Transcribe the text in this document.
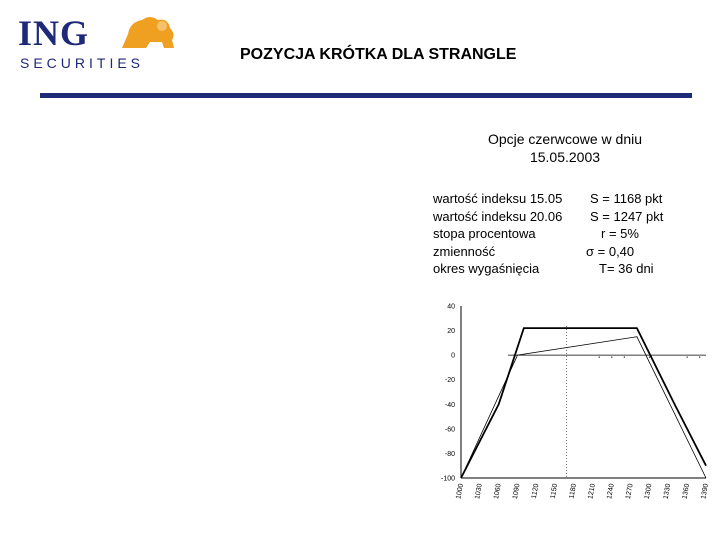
ING
SECURITIES	POZYCJA KRÓTKA DLA STRANGLE
Opcje czerwcowe w dniu
15.05.2003
wartość indeksu 15.05 S = 1168 pkt
wartość indeksu 20.06 S = 1247 pkt
stopa procentowa	r = 5%
zmienność	σ = 0,40
okres wygaśnięcia	T= 36 dni
40
20
0
-20
-40
-60
-80
-100
1000 1030 1060 1090 1120 1150 1180 1210 1240 1270 1300 1330 1360 1390
